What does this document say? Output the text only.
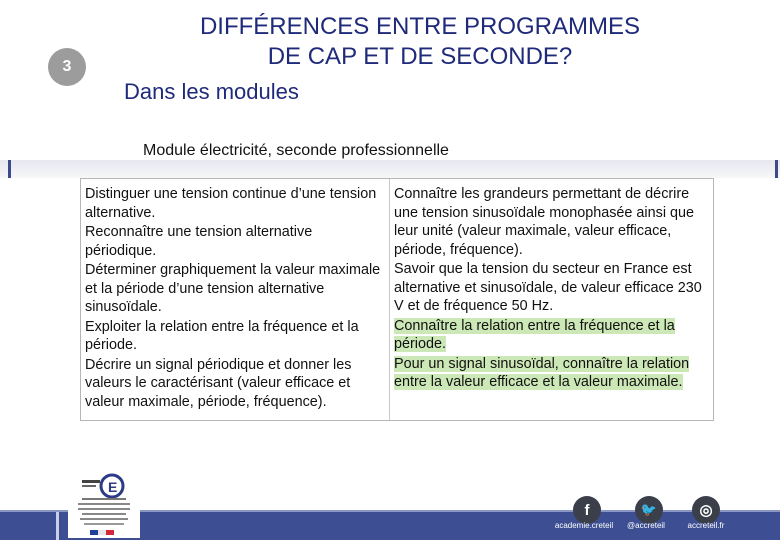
3
DIFFÉRENCES ENTRE PROGRAMMES
DE CAP ET DE SECONDE?
Dans les modules
Module électricité, seconde professionnelle
Distinguer une tension continue d’une tension alternative.
Reconnaître une tension alternative périodique.
Déterminer graphiquement la valeur maximale et la période d’une tension alternative sinusoïdale.
Exploiter la relation entre la fréquence et la période.
Décrire un signal périodique et donner les valeurs le caractérisant (valeur efficace et valeur maximale, période, fréquence).
Connaître les grandeurs permettant de décrire une tension sinusoïdale monophasée ainsi que leur unité (valeur maximale, valeur efficace, période, fréquence).
Savoir que la tension du secteur en France est alternative et sinusoïdale, de valeur efficace 230 V et de fréquence 50 Hz.
Connaître la relation entre la fréquence et la période.
Pour un signal sinusoïdal, connaître la relation entre la valeur efficace et la valeur maximale.
E
f
academie.creteil
🐦
@accreteil
◎
accreteil.fr
